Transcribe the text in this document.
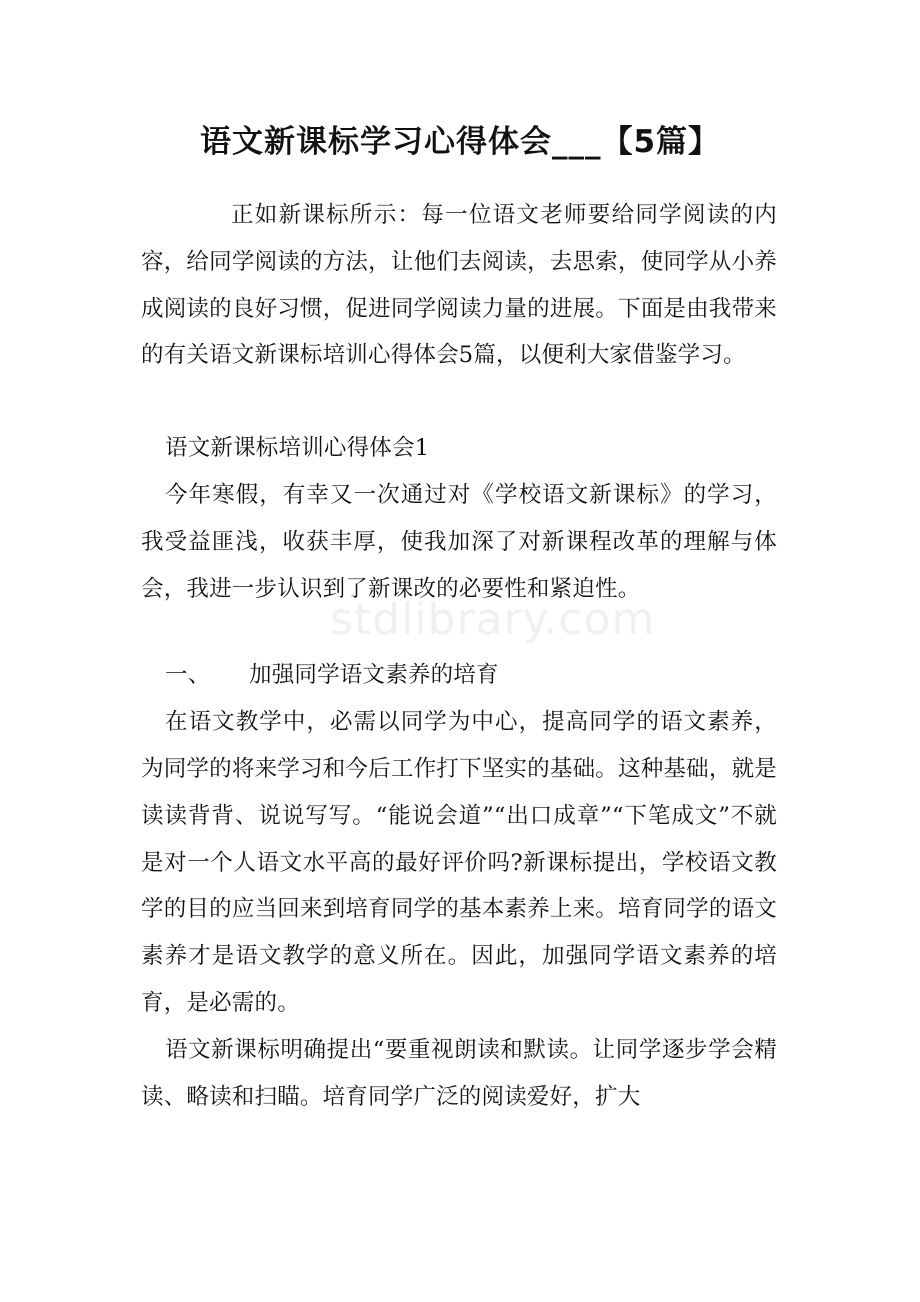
stdlibrary.com
语文新课标学习心得体会___【5篇】

正如新课标所示：每一位语文老师要给同学阅读的内容，给同学阅读的方法，让他们去阅读，去思索，使同学从小养成阅读的良好习惯，促进同学阅读力量的进展。下面是由我带来的有关语文新课标培训心得体会5篇，以便利大家借鉴学习。

语文新课标培训心得体会1

今年寒假，有幸又一次通过对《学校语文新课标》的学习，我受益匪浅，收获丰厚，使我加深了对新课程改革的理解与体会，我进一步认识到了新课改的必要性和紧迫性。

一、 加强同学语文素养的培育

在语文教学中，必需以同学为中心，提高同学的语文素养，为同学的将来学习和今后工作打下坚实的基础。这种基础，就是读读背背、说说写写。“能说会道”“出口成章”“下笔成文”不就是对一个人语文水平高的最好评价吗?新课标提出，学校语文教学的目的应当回来到培育同学的基本素养上来。培育同学的语文素养才是语文教学的意义所在。因此，加强同学语文素养的培育，是必需的。

语文新课标明确提出“要重视朗读和默读。让同学逐步学会精读、略读和扫瞄。培育同学广泛的阅读爱好，扩大
